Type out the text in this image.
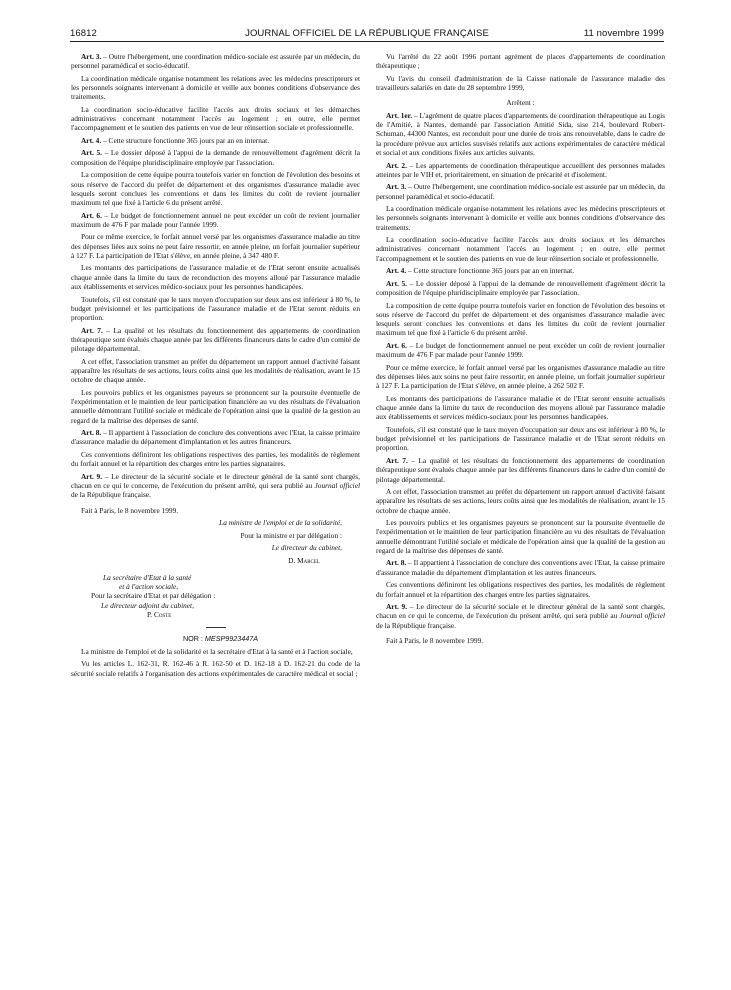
16812	JOURNAL OFFICIEL DE LA RÉPUBLIQUE FRANÇAISE	11 novembre 1999

Art. 3. – Outre l'hébergement, une coordination médico-sociale est assurée par un médecin, du personnel paramédical et socio-éducatif.

La coordination médicale organise notamment les relations avec les médecins prescripteurs et les personnels soignants intervenant à domicile et veille aux bonnes conditions d'observance des traitements.

La coordination socio-éducative facilite l'accès aux droits sociaux et les démarches administratives concernant notamment l'accès au logement ; en outre, elle permet l'accompagnement et le soutien des patients en vue de leur réinsertion sociale et professionnelle.

Art. 4. – Cette structure fonctionne 365 jours par an en internat.

Art. 5. – Le dossier déposé à l'appui de la demande de renouvellement d'agrément décrit la composition de l'équipe pluridisciplinaire employée par l'association.

La composition de cette équipe pourra toutefois varier en fonction de l'évolution des besoins et sous réserve de l'accord du préfet de département et des organismes d'assurance maladie avec lesquels seront conclues les conventions et dans les limites du coût de revient journalier maximum tel que fixé à l'article 6 du présent arrêté.

Art. 6. – Le budget de fonctionnement annuel ne peut excéder un coût de revient journalier maximum de 476 F par malade pour l'année 1999.

Pour ce même exercice, le forfait annuel versé par les organismes d'assurance maladie au titre des dépenses liées aux soins ne peut faire ressortir, en année pleine, un forfait journalier supérieur à 127 F. La participation de l'Etat s'élève, en année pleine, à 347 480 F.

Les montants des participations de l'assurance maladie et de l'Etat seront ensuite actualisés chaque année dans la limite du taux de reconduction des moyens alloué par l'assurance maladie aux établissements et services médico-sociaux pour les personnes handicapées.

Toutefois, s'il est constaté que le taux moyen d'occupation sur deux ans est inférieur à 80 %, le budget prévisionnel et les participations de l'assurance maladie et de l'Etat seront réduits en proportion.

Art. 7. – La qualité et les résultats du fonctionnement des appartements de coordination thérapeutique sont évalués chaque année par les différents financeurs dans le cadre d'un comité de pilotage départemental.

A cet effet, l'association transmet au préfet du département un rapport annuel d'activité faisant apparaître les résultats de ses actions, leurs coûts ainsi que les modalités de réalisation, avant le 15 octobre de chaque année.

Les pouvoirs publics et les organismes payeurs se prononcent sur la poursuite éventuelle de l'expérimentation et le maintien de leur participation financière au vu des résultats de l'évaluation annuelle démontrant l'utilité sociale et médicale de l'opération ainsi que la qualité de la gestion au regard de la maîtrise des dépenses de santé.

Art. 8. – Il appartient à l'association de conclure des conventions avec l'Etat, la caisse primaire d'assurance maladie du département d'implantation et les autres financeurs.

Ces conventions définiront les obligations respectives des parties, les modalités de règlement du forfait annuel et la répartition des charges entre les parties signataires.

Art. 9. – Le directeur de la sécurité sociale et le directeur général de la santé sont chargés, chacun en ce qui le concerne, de l'exécution du présent arrêté, qui sera publié au Journal officiel de la République française.

Fait à Paris, le 8 novembre 1999.

La ministre de l'emploi et de la solidarité,

Pour la ministre et par délégation :

Le directeur du cabinet,

D. Marcel

La secrétaire d'Etat à la santé

et à l'action sociale,

Pour la secrétaire d'Etat et par délégation :

Le directeur adjoint du cabinet,

P. Coste

NOR : MESP9923447A

La ministre de l'emploi et de la solidarité et la secrétaire d'Etat à la santé et à l'action sociale,

Vu les articles L. 162-31, R. 162-46 à R. 162-50 et D. 162-18 à D. 162-21 du code de la sécurité sociale relatifs à l'organisation des actions expérimentales de caractère médical et social ;

Vu l'arrêté du 22 août 1996 portant agrément de places d'appartements de coordination thérapeutique ;

Vu l'avis du conseil d'administration de la Caisse nationale de l'assurance maladie des travailleurs salariés en date du 28 septembre 1999,

Arrêtent :

Art. 1er. – L'agrément de quatre places d'appartements de coordination thérapeutique au Logis de l'Amitié, à Nantes, demandé par l'association Amitié Sida, sise 214, boulevard Robert-Schuman, 44300 Nantes, est reconduit pour une durée de trois ans renouvelable, dans le cadre de la procédure prévue aux articles susvisés relatifs aux actions expérimentales de caractère médical et social et aux conditions fixées aux articles suivants.

Art. 2. – Les appartements de coordination thérapeutique accueillent des personnes malades atteintes par le VIH et, prioritairement, en situation de précarité et d'isolement.

Art. 3. – Outre l'hébergement, une coordination médico-sociale est assurée par un médecin, du personnel paramédical et socio-éducatif.

La coordination médicale organise notamment les relations avec les médecins prescripteurs et les personnels soignants intervenant à domicile et veille aux bonnes conditions d'observance des traitements.

La coordination socio-éducative facilite l'accès aux droits sociaux et les démarches administratives concernant notamment l'accès au logement ; en outre, elle permet l'accompagnement et le soutien des patients en vue de leur réinsertion sociale et professionnelle.

Art. 4. – Cette structure fonctionne 365 jours par an en internat.

Art. 5. – Le dossier déposé à l'appui de la demande de renouvellement d'agrément décrit la composition de l'équipe pluridisciplinaire employée par l'association.

La composition de cette équipe pourra toutefois varier en fonction de l'évolution des besoins et sous réserve de l'accord du préfet de département et des organismes d'assurance maladie avec lesquels seront conclues les conventions et dans les limites du coût de revient journalier maximum tel que fixé à l'article 6 du présent arrêté.

Art. 6. – Le budget de fonctionnement annuel ne peut excéder un coût de revient journalier maximum de 476 F par malade pour l'année 1999.

Pour ce même exercice, le forfait annuel versé par les organismes d'assurance maladie au titre des dépenses liées aux soins ne peut faire ressortir, en année pleine, un forfait journalier supérieur à 127 F. La participation de l'Etat s'élève, en année pleine, à 262 502 F.

Les montants des participations de l'assurance maladie et de l'Etat seront ensuite actualisés chaque année dans la limite du taux de reconduction des moyens alloué par l'assurance maladie aux établissements et services médico-sociaux pour les personnes handicapées.

Toutefois, s'il est constaté que le taux moyen d'occupation sur deux ans est inférieur à 80 %, le budget prévisionnel et les participations de l'assurance maladie et de l'Etat seront réduits en proportion.

Art. 7. – La qualité et les résultats du fonctionnement des appartements de coordination thérapeutique sont évalués chaque année par les différents financeurs dans le cadre d'un comité de pilotage départemental.

A cet effet, l'association transmet au préfet du département un rapport annuel d'activité faisant apparaître les résultats de ses actions, leurs coûts ainsi que les modalités de réalisation, avant le 15 octobre de chaque année.

Les pouvoirs publics et les organismes payeurs se prononcent sur la poursuite éventuelle de l'expérimentation et le maintien de leur participation financière au vu des résultats de l'évaluation annuelle démontrant l'utilité sociale et médicale de l'opération ainsi que la qualité de la gestion au regard de la maîtrise des dépenses de santé.

Art. 8. – Il appartient à l'association de conclure des conventions avec l'Etat, la caisse primaire d'assurance maladie du département d'implantation et les autres financeurs.

Ces conventions définiront les obligations respectives des parties, les modalités de règlement du forfait annuel et la répartition des charges entre les parties signataires.

Art. 9. – Le directeur de la sécurité sociale et le directeur général de la santé sont chargés, chacun en ce qui le concerne, de l'exécution du présent arrêté, qui sera publié au Journal officiel de la République française.

Fait à Paris, le 8 novembre 1999.
